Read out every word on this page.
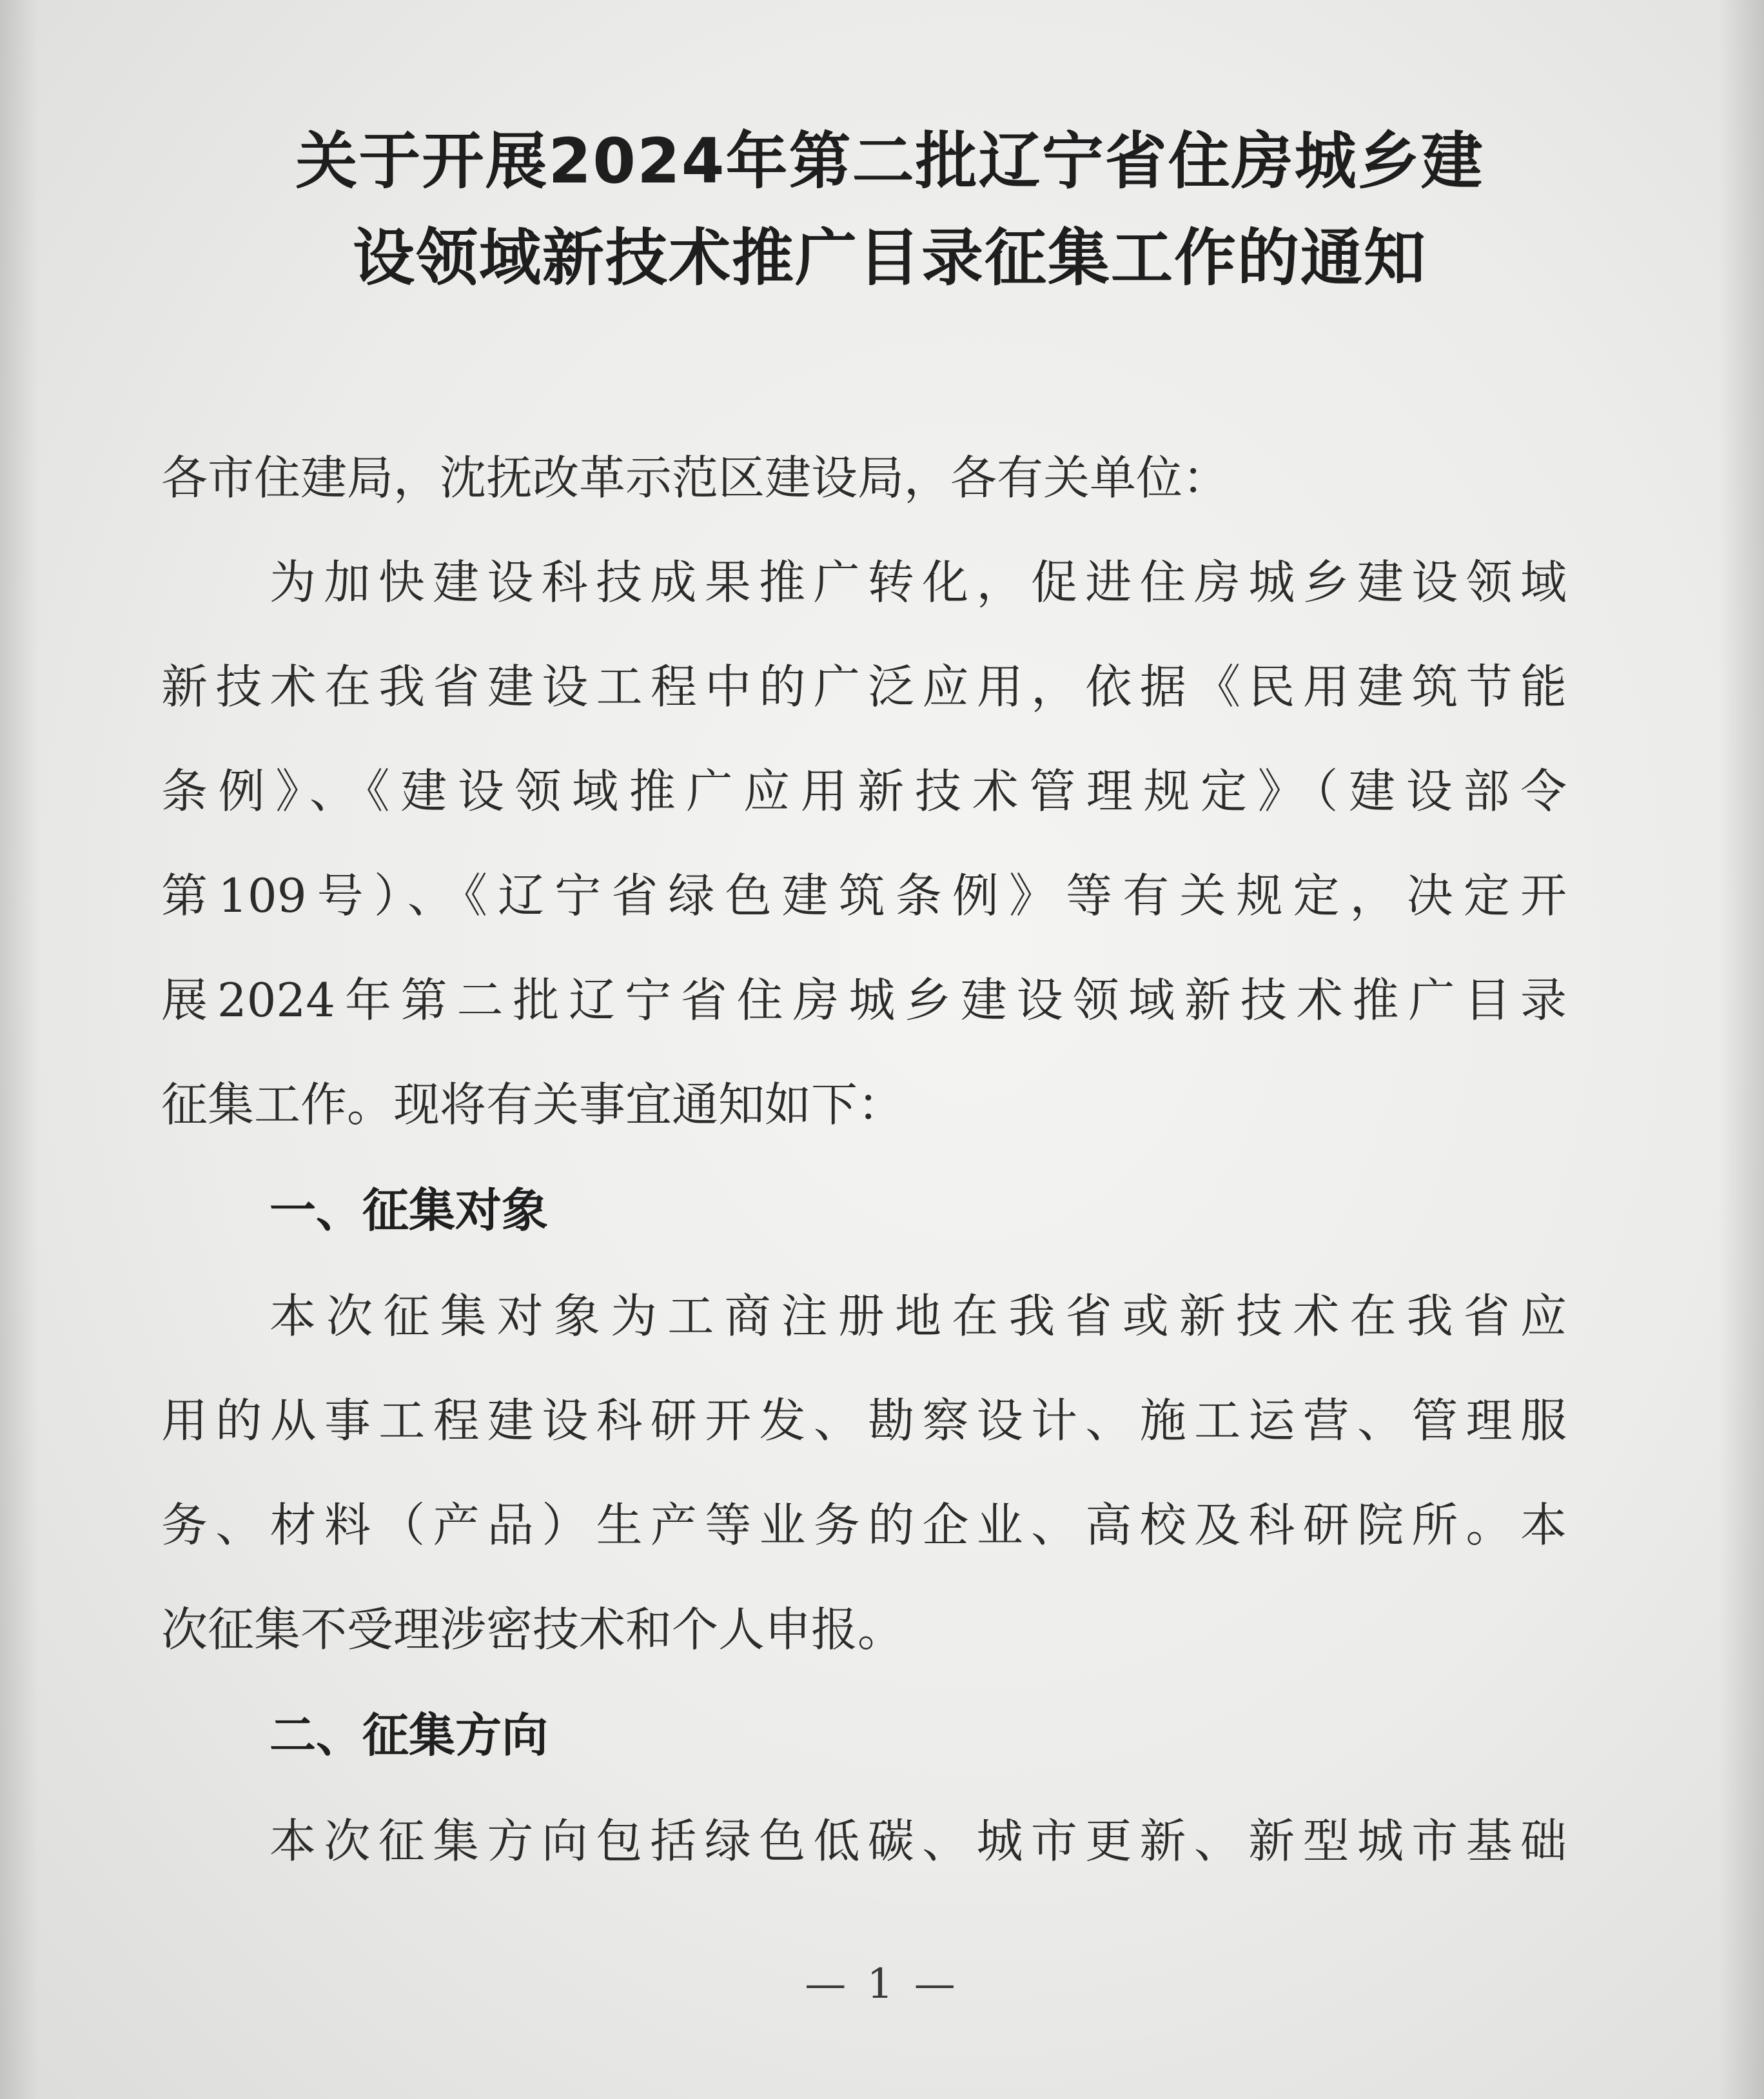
关于开展2024年第二批辽宁省住房城乡建
设领域新技术推广目录征集工作的通知

各市住建局，沈抚改革示范区建设局，各有关单位：

为加快建设科技成果推广转化，促进住房城乡建设领域
新技术在我省建设工程中的广泛应用，依据《民用建筑节能
条例》、《建设领域推广应用新技术管理规定》（建设部令
第109号）、《辽宁省绿色建筑条例》等有关规定，决定开
展2024年第二批辽宁省住房城乡建设领域新技术推广目录
征集工作。现将有关事宜通知如下：

一、征集对象

本次征集对象为工商注册地在我省或新技术在我省应
用的从事工程建设科研开发、勘察设计、施工运营、管理服
务、材料（产品）生产等业务的企业、高校及科研院所。本
次征集不受理涉密技术和个人申报。

二、征集方向

本次征集方向包括绿色低碳、城市更新、新型城市基础
— 1 —
